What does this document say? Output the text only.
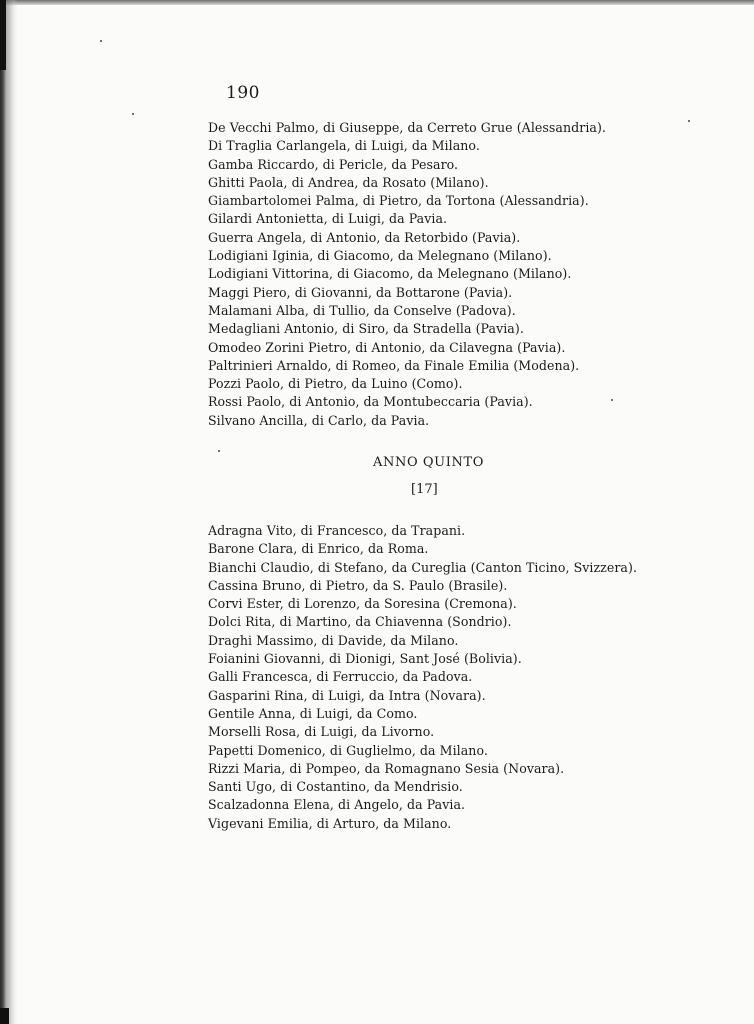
190
De Vecchi Palmo, di Giuseppe, da Cerreto Grue (Alessandria).
Di Traglia Carlangela, di Luigi, da Milano.
Gamba Riccardo, di Pericle, da Pesaro.
Ghitti Paola, di Andrea, da Rosato (Milano).
Giambartolomei Palma, di Pietro, da Tortona (Alessandria).
Gilardi Antonietta, di Luigi, da Pavia.
Guerra Angela, di Antonio, da Retorbido (Pavia).
Lodigiani Iginia, di Giacomo, da Melegnano (Milano).
Lodigiani Vittorina, di Giacomo, da Melegnano (Milano).
Maggi Piero, di Giovanni, da Bottarone (Pavia).
Malamani Alba, di Tullio, da Conselve (Padova).
Medagliani Antonio, di Siro, da Stradella (Pavia).
Omodeo Zorini Pietro, di Antonio, da Cilavegna (Pavia).
Paltrinieri Arnaldo, di Romeo, da Finale Emilia (Modena).
Pozzi Paolo, di Pietro, da Luino (Como).
Rossi Paolo, di Antonio, da Montubeccaria (Pavia).
Silvano Ancilla, di Carlo, da Pavia.
ANNO QUINTO
[17]
Adragna Vito, di Francesco, da Trapani.
Barone Clara, di Enrico, da Roma.
Bianchi Claudio, di Stefano, da Cureglia (Canton Ticino, Svizzera).
Cassina Bruno, di Pietro, da S. Paulo (Brasile).
Corvi Ester, di Lorenzo, da Soresina (Cremona).
Dolci Rita, di Martino, da Chiavenna (Sondrio).
Draghi Massimo, di Davide, da Milano.
Foianini Giovanni, di Dionigi, Sant José (Bolivia).
Galli Francesca, di Ferruccio, da Padova.
Gasparini Rina, di Luigi, da Intra (Novara).
Gentile Anna, di Luigi, da Como.
Morselli Rosa, di Luigi, da Livorno.
Papetti Domenico, di Guglielmo, da Milano.
Rizzi Maria, di Pompeo, da Romagnano Sesia (Novara).
Santi Ugo, di Costantino, da Mendrisio.
Scalzadonna Elena, di Angelo, da Pavia.
Vigevani Emilia, di Arturo, da Milano.
